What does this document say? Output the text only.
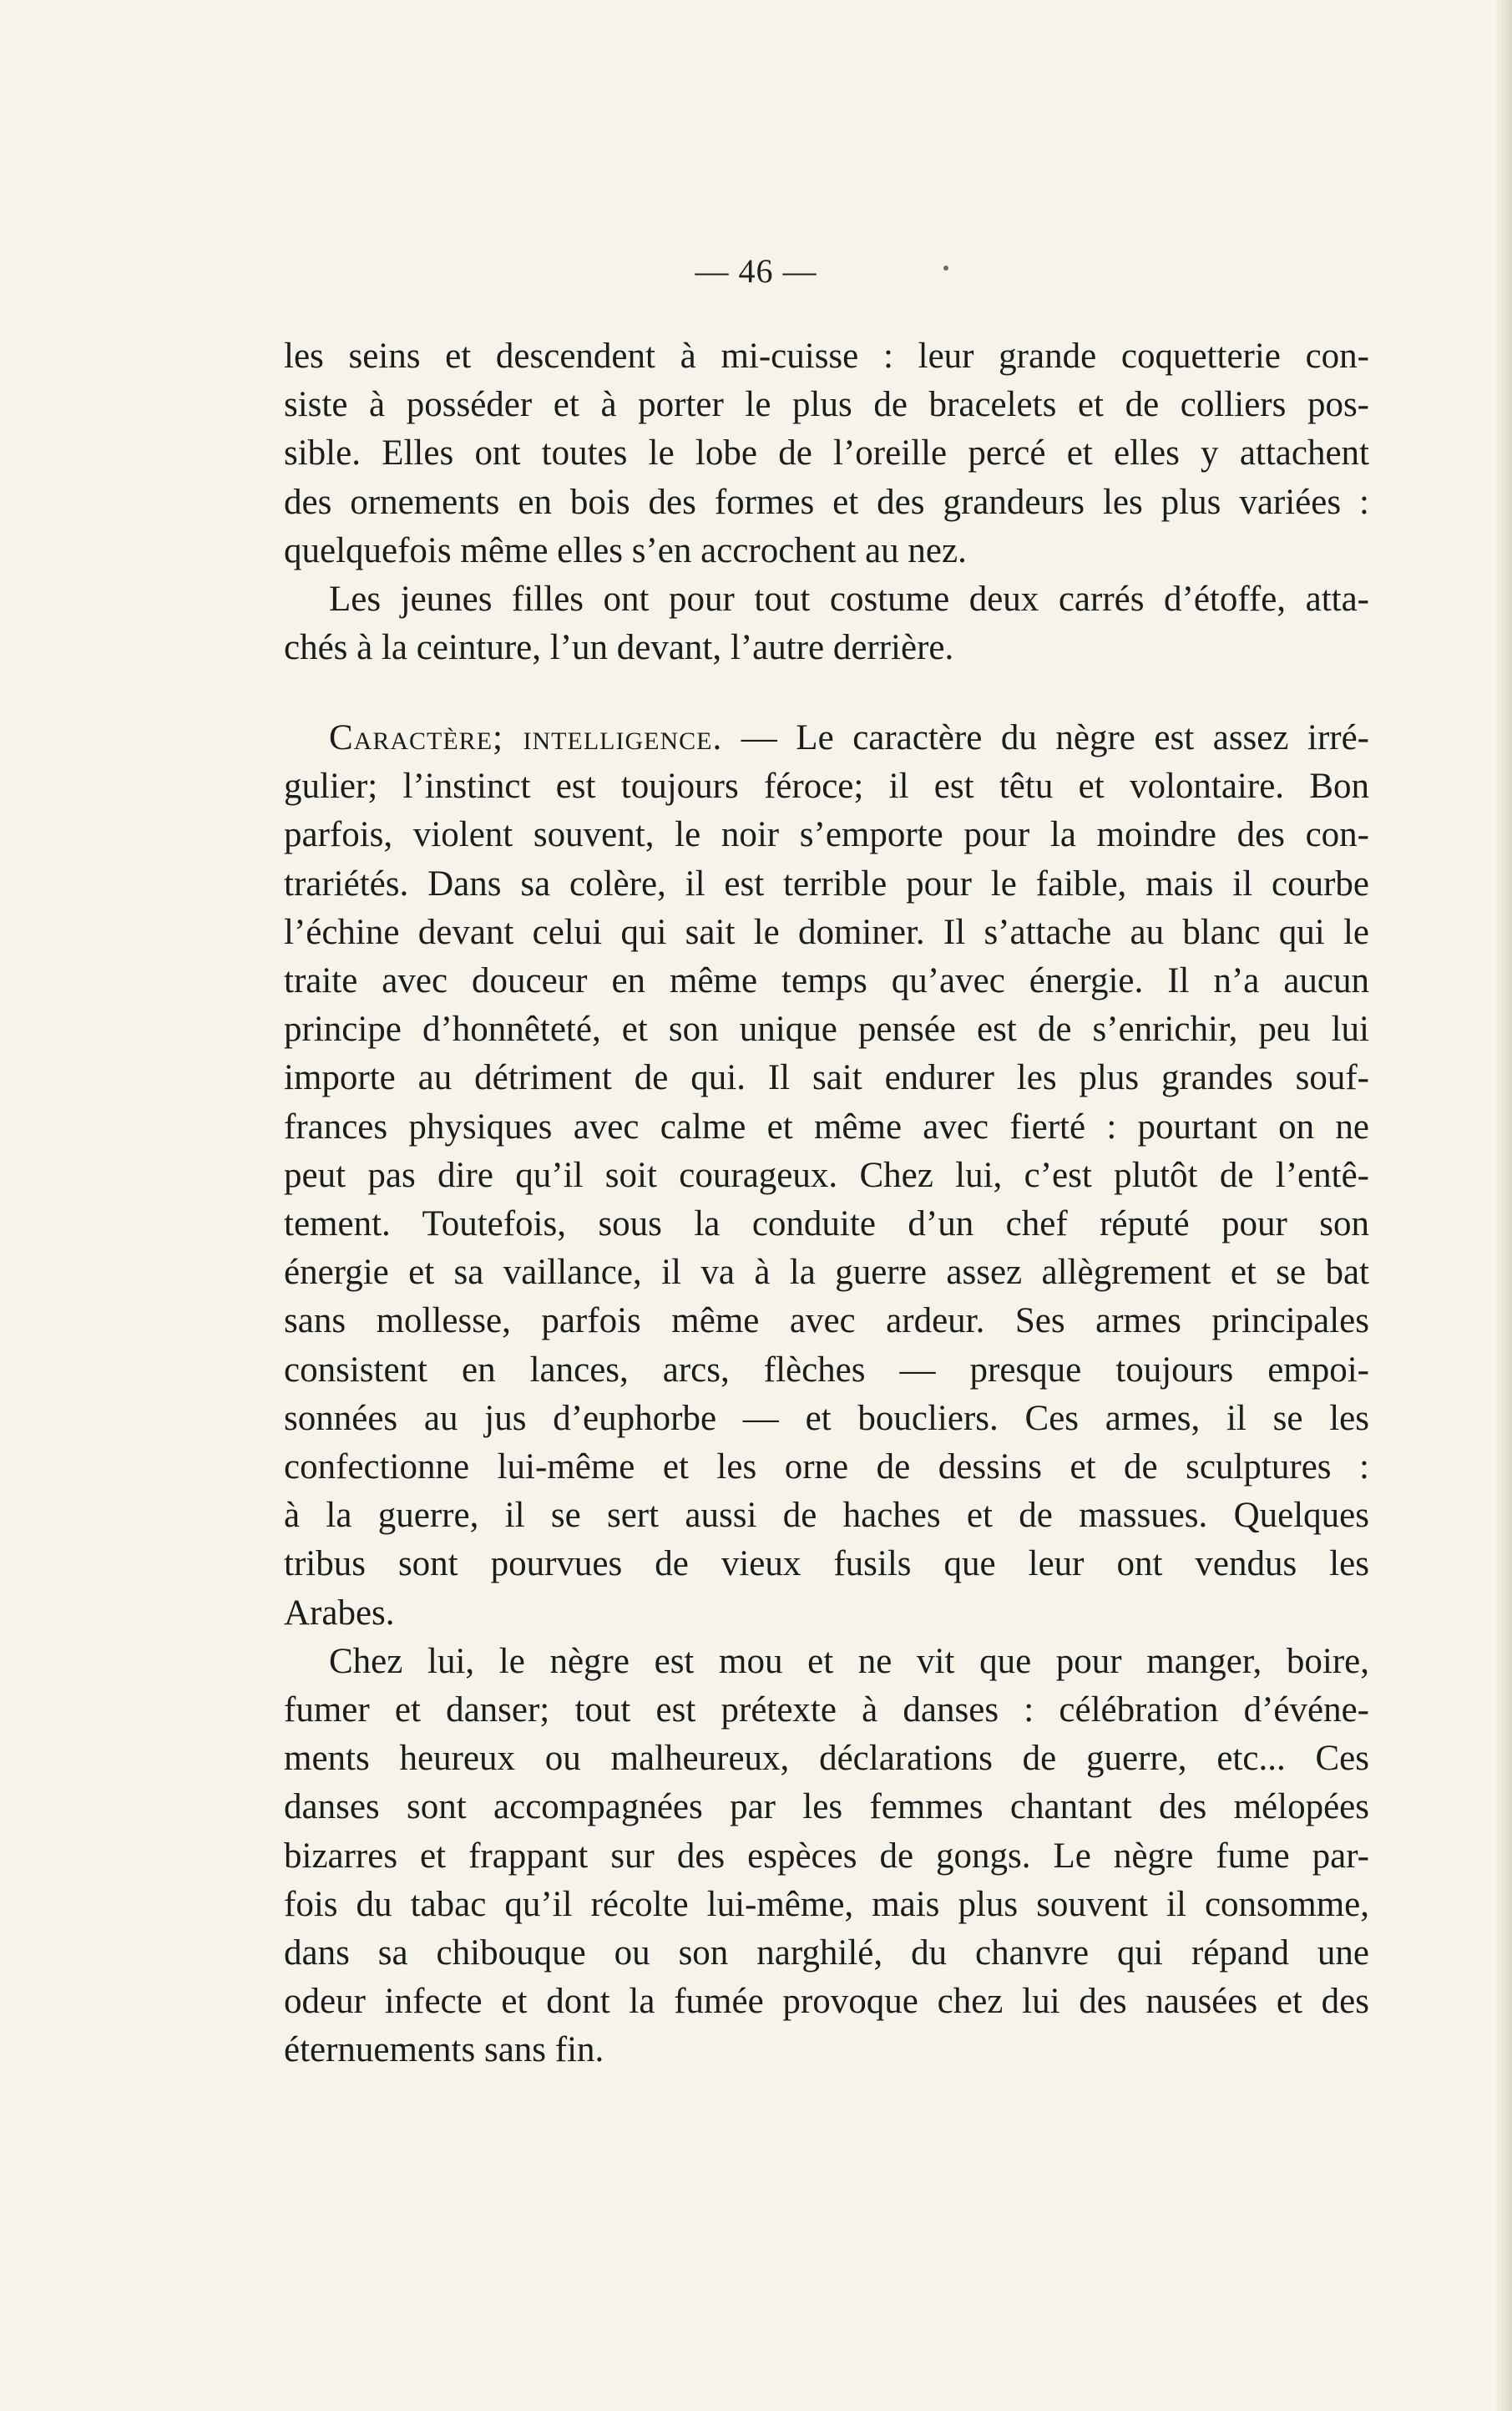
— 46 —
les seins et descendent à mi-cuisse : leur grande coquetterie con-
siste à posséder et à porter le plus de bracelets et de colliers pos-
sible. Elles ont toutes le lobe de l’oreille percé et elles y attachent
des ornements en bois des formes et des grandeurs les plus variées :
quelquefois même elles s’en accrochent au nez.
Les jeunes filles ont pour tout costume deux carrés d’étoffe, atta-
chés à la ceinture, l’un devant, l’autre derrière.
Caractère; intelligence. — Le caractère du nègre est assez irré-
gulier; l’instinct est toujours féroce; il est têtu et volontaire. Bon
parfois, violent souvent, le noir s’emporte pour la moindre des con-
trariétés. Dans sa colère, il est terrible pour le faible, mais il courbe
l’échine devant celui qui sait le dominer. Il s’attache au blanc qui le
traite avec douceur en même temps qu’avec énergie. Il n’a aucun
principe d’honnêteté, et son unique pensée est de s’enrichir, peu lui
importe au détriment de qui. Il sait endurer les plus grandes souf-
frances physiques avec calme et même avec fierté : pourtant on ne
peut pas dire qu’il soit courageux. Chez lui, c’est plutôt de l’entê-
tement. Toutefois, sous la conduite d’un chef réputé pour son
énergie et sa vaillance, il va à la guerre assez allègrement et se bat
sans mollesse, parfois même avec ardeur. Ses armes principales
consistent en lances, arcs, flèches — presque toujours empoi-
sonnées au jus d’euphorbe — et boucliers. Ces armes, il se les
confectionne lui-même et les orne de dessins et de sculptures :
à la guerre, il se sert aussi de haches et de massues. Quelques
tribus sont pourvues de vieux fusils que leur ont vendus les
Arabes.
Chez lui, le nègre est mou et ne vit que pour manger, boire,
fumer et danser; tout est prétexte à danses : célébration d’événe-
ments heureux ou malheureux, déclarations de guerre, etc... Ces
danses sont accompagnées par les femmes chantant des mélopées
bizarres et frappant sur des espèces de gongs. Le nègre fume par-
fois du tabac qu’il récolte lui-même, mais plus souvent il consomme,
dans sa chibouque ou son narghilé, du chanvre qui répand une
odeur infecte et dont la fumée provoque chez lui des nausées et des
éternuements sans fin.
